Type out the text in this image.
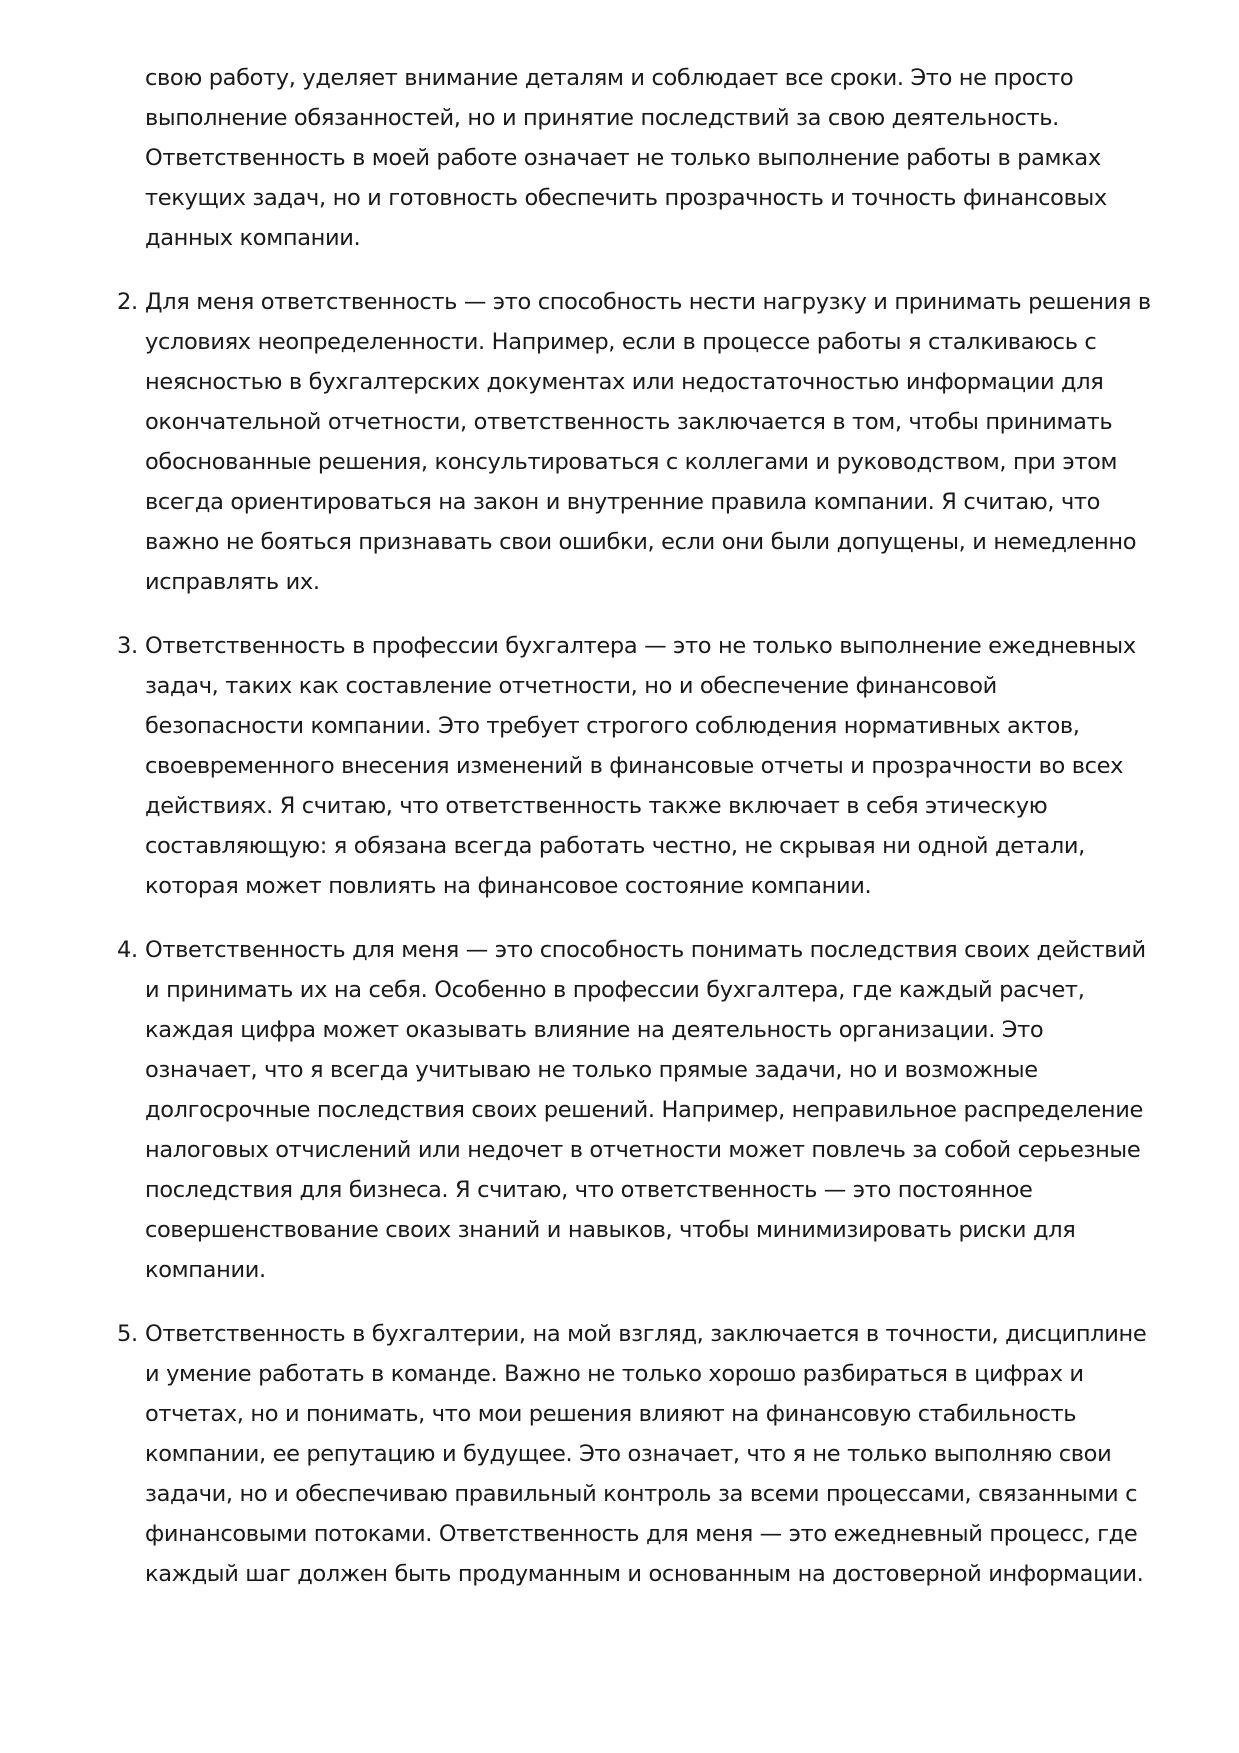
свою работу, уделяет внимание деталям и соблюдает все сроки. Это не просто выполнение обязанностей, но и принятие последствий за свою деятельность. Ответственность в моей работе означает не только выполнение работы в рамках текущих задач, но и готовность обеспечить прозрачность и точность финансовых данных компании.

2. Для меня ответственность — это способность нести нагрузку и принимать решения в условиях неопределенности. Например, если в процессе работы я сталкиваюсь с неясностью в бухгалтерских документах или недостаточностью информации для окончательной отчетности, ответственность заключается в том, чтобы принимать обоснованные решения, консультироваться с коллегами и руководством, при этом всегда ориентироваться на закон и внутренние правила компании. Я считаю, что важно не бояться признавать свои ошибки, если они были допущены, и немедленно исправлять их.

3. Ответственность в профессии бухгалтера — это не только выполнение ежедневных задач, таких как составление отчетности, но и обеспечение финансовой безопасности компании. Это требует строгого соблюдения нормативных актов, своевременного внесения изменений в финансовые отчеты и прозрачности во всех действиях. Я считаю, что ответственность также включает в себя этическую составляющую: я обязана всегда работать честно, не скрывая ни одной детали, которая может повлиять на финансовое состояние компании.

4. Ответственность для меня — это способность понимать последствия своих действий и принимать их на себя. Особенно в профессии бухгалтера, где каждый расчет, каждая цифра может оказывать влияние на деятельность организации. Это означает, что я всегда учитываю не только прямые задачи, но и возможные долгосрочные последствия своих решений. Например, неправильное распределение налоговых отчислений или недочет в отчетности может повлечь за собой серьезные последствия для бизнеса. Я считаю, что ответственность — это постоянное совершенствование своих знаний и навыков, чтобы минимизировать риски для компании.

5. Ответственность в бухгалтерии, на мой взгляд, заключается в точности, дисциплине и умение работать в команде. Важно не только хорошо разбираться в цифрах и отчетах, но и понимать, что мои решения влияют на финансовую стабильность компании, ее репутацию и будущее. Это означает, что я не только выполняю свои задачи, но и обеспечиваю правильный контроль за всеми процессами, связанными с финансовыми потоками. Ответственность для меня — это ежедневный процесс, где каждый шаг должен быть продуманным и основанным на достоверной информации.
